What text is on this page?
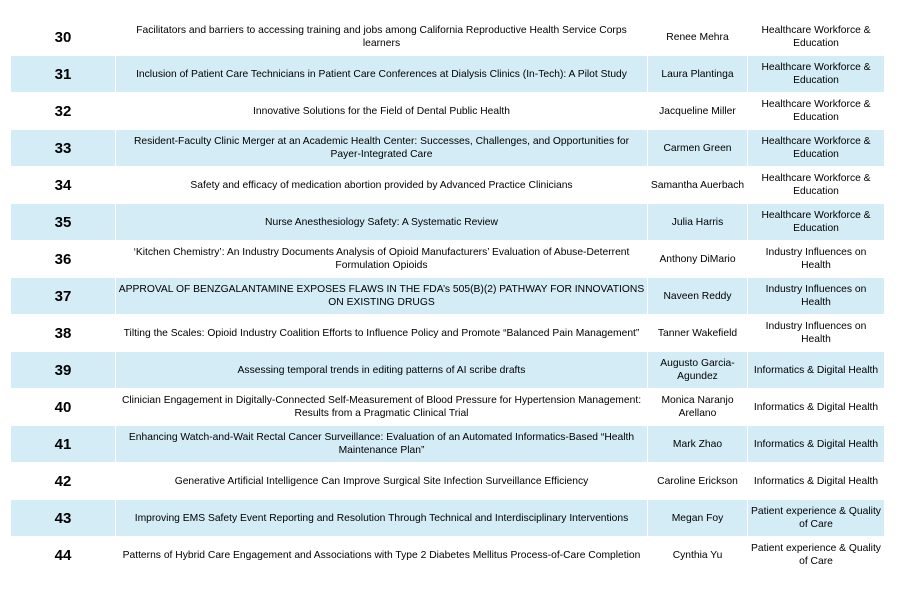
30	Facilitators and barriers to accessing training and jobs among California Reproductive Health Service Corps learners	Renee Mehra	Healthcare Workforce & Education
31	Inclusion of Patient Care Technicians in Patient Care Conferences at Dialysis Clinics (In-Tech): A Pilot Study	Laura Plantinga	Healthcare Workforce & Education
32	Innovative Solutions for the Field of Dental Public Health	Jacqueline Miller	Healthcare Workforce & Education
33	Resident-Faculty Clinic Merger at an Academic Health Center: Successes, Challenges, and Opportunities for Payer-Integrated Care	Carmen Green	Healthcare Workforce & Education
34	Safety and efficacy of medication abortion provided by Advanced Practice Clinicians	Samantha Auerbach	Healthcare Workforce & Education
35	Nurse Anesthesiology Safety: A Systematic Review	Julia Harris	Healthcare Workforce & Education
36	‘Kitchen Chemistry’: An Industry Documents Analysis of Opioid Manufacturers’ Evaluation of Abuse-Deterrent Formulation Opioids	Anthony DiMario	Industry Influences on Health
37	APPROVAL OF BENZGALANTAMINE EXPOSES FLAWS IN THE FDA’s 505(B)(2) PATHWAY FOR INNOVATIONS ON EXISTING DRUGS	Naveen Reddy	Industry Influences on Health
38	Tilting the Scales: Opioid Industry Coalition Efforts to Influence Policy and Promote “Balanced Pain Management”	Tanner Wakefield	Industry Influences on Health
39	Assessing temporal trends in editing patterns of AI scribe drafts	Augusto Garcia-Agundez	Informatics & Digital Health
40	Clinician Engagement in Digitally-Connected Self-Measurement of Blood Pressure for Hypertension Management: Results from a Pragmatic Clinical Trial	Monica Naranjo Arellano	Informatics & Digital Health
41	Enhancing Watch-and-Wait Rectal Cancer Surveillance: Evaluation of an Automated Informatics-Based “Health Maintenance Plan”	Mark Zhao	Informatics & Digital Health
42	Generative Artificial Intelligence Can Improve Surgical Site Infection Surveillance Efficiency	Caroline Erickson	Informatics & Digital Health
43	Improving EMS Safety Event Reporting and Resolution Through Technical and Interdisciplinary Interventions	Megan Foy	Patient experience & Quality of Care
44	Patterns of Hybrid Care Engagement and Associations with Type 2 Diabetes Mellitus Process-of-Care Completion	Cynthia Yu	Patient experience & Quality of Care
